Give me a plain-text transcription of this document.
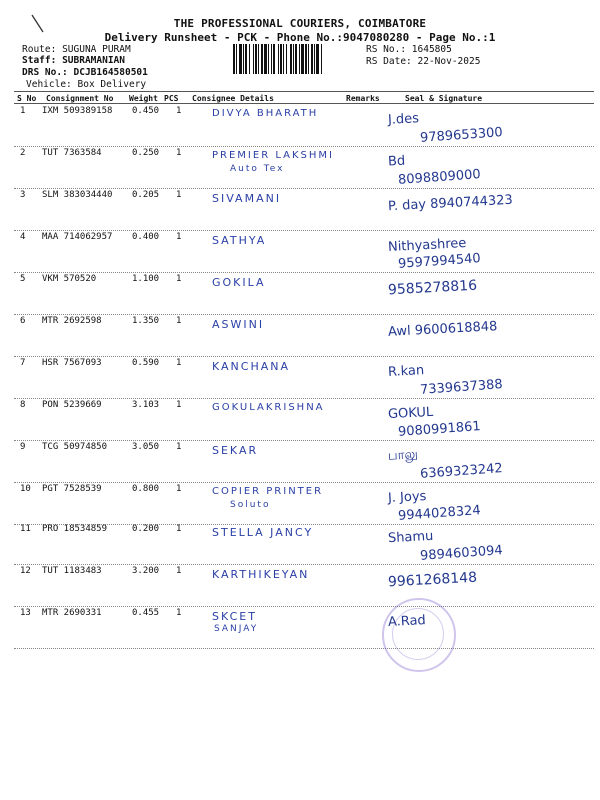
THE PROFESSIONAL COURIERS, COIMBATORE
Delivery Runsheet - PCK - Phone No.:9047080280 - Page No.:1
Route: SUGUNA PURAM
Staff: SUBRAMANIAN
DRS No.: DCJB164580501
Vehicle: Box Delivery
RS No.: 1645805
RS Date: 22-Nov-2025
S No Consignment No Weight PCS Consignee Details	Remarks	Seal & Signature
1 IXM 509389158 0.450 1	DIVYA BHARATH	J.des
9789653300
2 TUT 7363584	0.250 1	PREMIER LAKSHMI
Auto Tex	Bd
8098809000
3 SLM 383034440 0.205 1	SIVAMANI	P. day 8940744323
4 MAA 714062957 0.400 1	SATHYA	Nithyashree
9597994540
5 VKM 570520	1.100 1	GOKILA	9585278816
6 MTR 2692598	1.350 1	ASWINI	Awl 9600618848
7 HSR 7567093	0.590 1	KANCHANA	R.kan
7339637388
8 PON 5239669	3.103 1	GOKULAKRISHNA	GOKUL
9080991861
9 TCG 50974850	3.050 1	SEKAR	பாலு
6369323242
10 PGT 7528539	0.800 1	COPIER PRINTER
Soluto	J. Joys
9944028324
11 PRO 18534859	0.200 1	STELLA JANCY	Shamu
9894603094
12 TUT 1183483	3.200 1	KARTHIKEYAN	9961268148
13 MTR 2690331	0.455 1	SKCET
SANJAY	A.Rad
